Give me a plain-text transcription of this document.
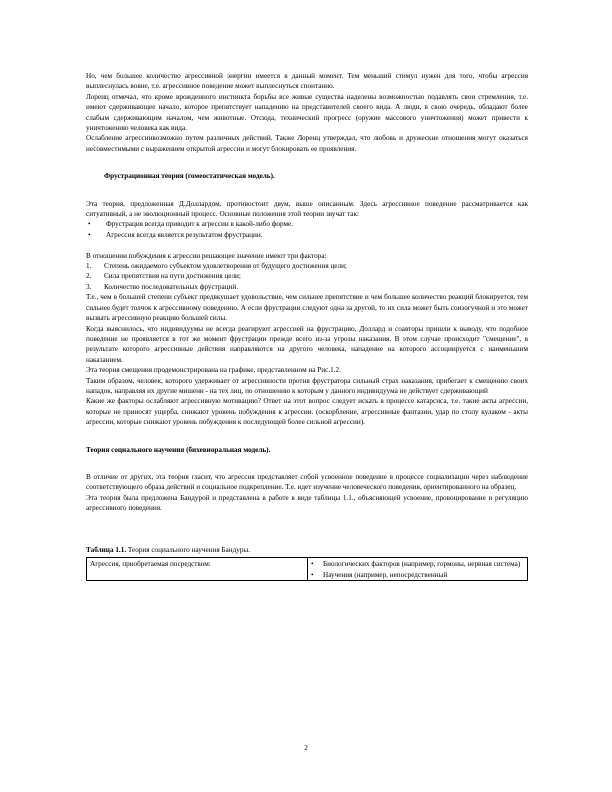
Но, чем большее количество агрессивной энергии имеется в данный момент. Тем меньший стимул нужен для того, чтобы агрессия выплеснулась вовне, т.е. агрессивное поведение может выплеснуться спонтанно.

Лоренц отмечал, что кроме врожденного инстинкта борьбы все живые существа наделены возможностью подавлять свои стремления, т.е. имеют сдерживающее начало, которое препятствует нападению на представителей своего вида. А люди, в свою очередь, обладают более слабым сдерживающим началом, чем животные. Отсюда, технический прогресс (оружие массового уничтожения) может привести к уничтожению человека как вида.

Ослабление агрессиивозможно путем различных действий. Также Лоренц утверждал, что любовь и дружеские отношения могут оказаться несовместимыми с выражением открытой агрессии и могут блокировать ее проявления.

Фрустрационная теория (гомеостатическая модель).

Эта теория, предложенная Д.Доллардом, противостоит двум, выше описанным. Здесь агрессивное поведение рассматривается как ситуативный, а не эволюционный процесс. Основные положения этой теории звучат так:

•	Фрустрация всегда приводит к агрессии в какой-либо форме.
•	Агрессия всегда является результатом фрустрации.

В отношении побуждения к агрессии решающее значение имеют три фактора:

1.	Степень ожидаемого субъектом удовлетворения от будущего достижения цели;
2.	Сила препятствия на пути достижения цели;
3.	Количество последовательных фрустраций.

Т.е., чем в большей степени субъект предвкушает удовольствие, чем сильнее препятствие и чем большее количество реакций блокируется, тем сильнее будет толчок к агрессивному поведению. А если фрустрации следуют одна за другой, то их сила может быть соизогучной и это может вызвать агрессивную реакцию большей силы.

Когда выяснилось, что индивидуумы не всегда реагируют агрессией на фрустрацию, Доллард и соавторы пришли к выводу, что подобное поведение не проявляется в тот же момент фрустрации прежде всего из-за угрозы наказания. В этом случае происходит "смещение", в результате которого агрессивные действия направляются на другого человека, нападение на которого ассоциируется с наименьшим наказанием.

Эта теория смещения продемонстрирована на графике, представленном на Рис.1.2.

Таким образом, человек, которого удерживает от агрессивности против фрустратора сильный страх наказания, прибегает к смещению своих нападок, направляя их другие мишени - на тех лиц, по отношению к которым у данного индивидуума не действует сдерживающий

Какие же факторы ослабляют агрессивную мотивацию? Ответ на этот вопрос следует искать в процессе катарсиса, т.е. такие акты агрессии, которые не приносят ущерба, снижают уровень побуждения к агрессии. (оскорбление, агрессивные фантазии, удар по столу кулаком - акты агрессии, которые снижают уровень побуждения к последующей более сильной агрессии).

Теория социального научения (бихевиоральная модель).

В отличие от других, эта теория гласит, что агрессия представляет собой усвоенное поведение в процессе социализации через наблюдение соответствующего образа действий и социальное подкрепление. Т.е. идет изучение человеческого поведения, ориентированного на образец.

Эта теория была предложена Бандурой и представлена в работе в виде таблицы 1.1., объясняющей усвоение, провоцирование и регуляцию агрессивного поведения.

Таблица 1.1. Теория социального научения Бандуры.

Агрессия, приобретаемая посредством:	•	Биологических факторов (например, гормоны, нервная система)
•	Научения (например, непосредственный
2
